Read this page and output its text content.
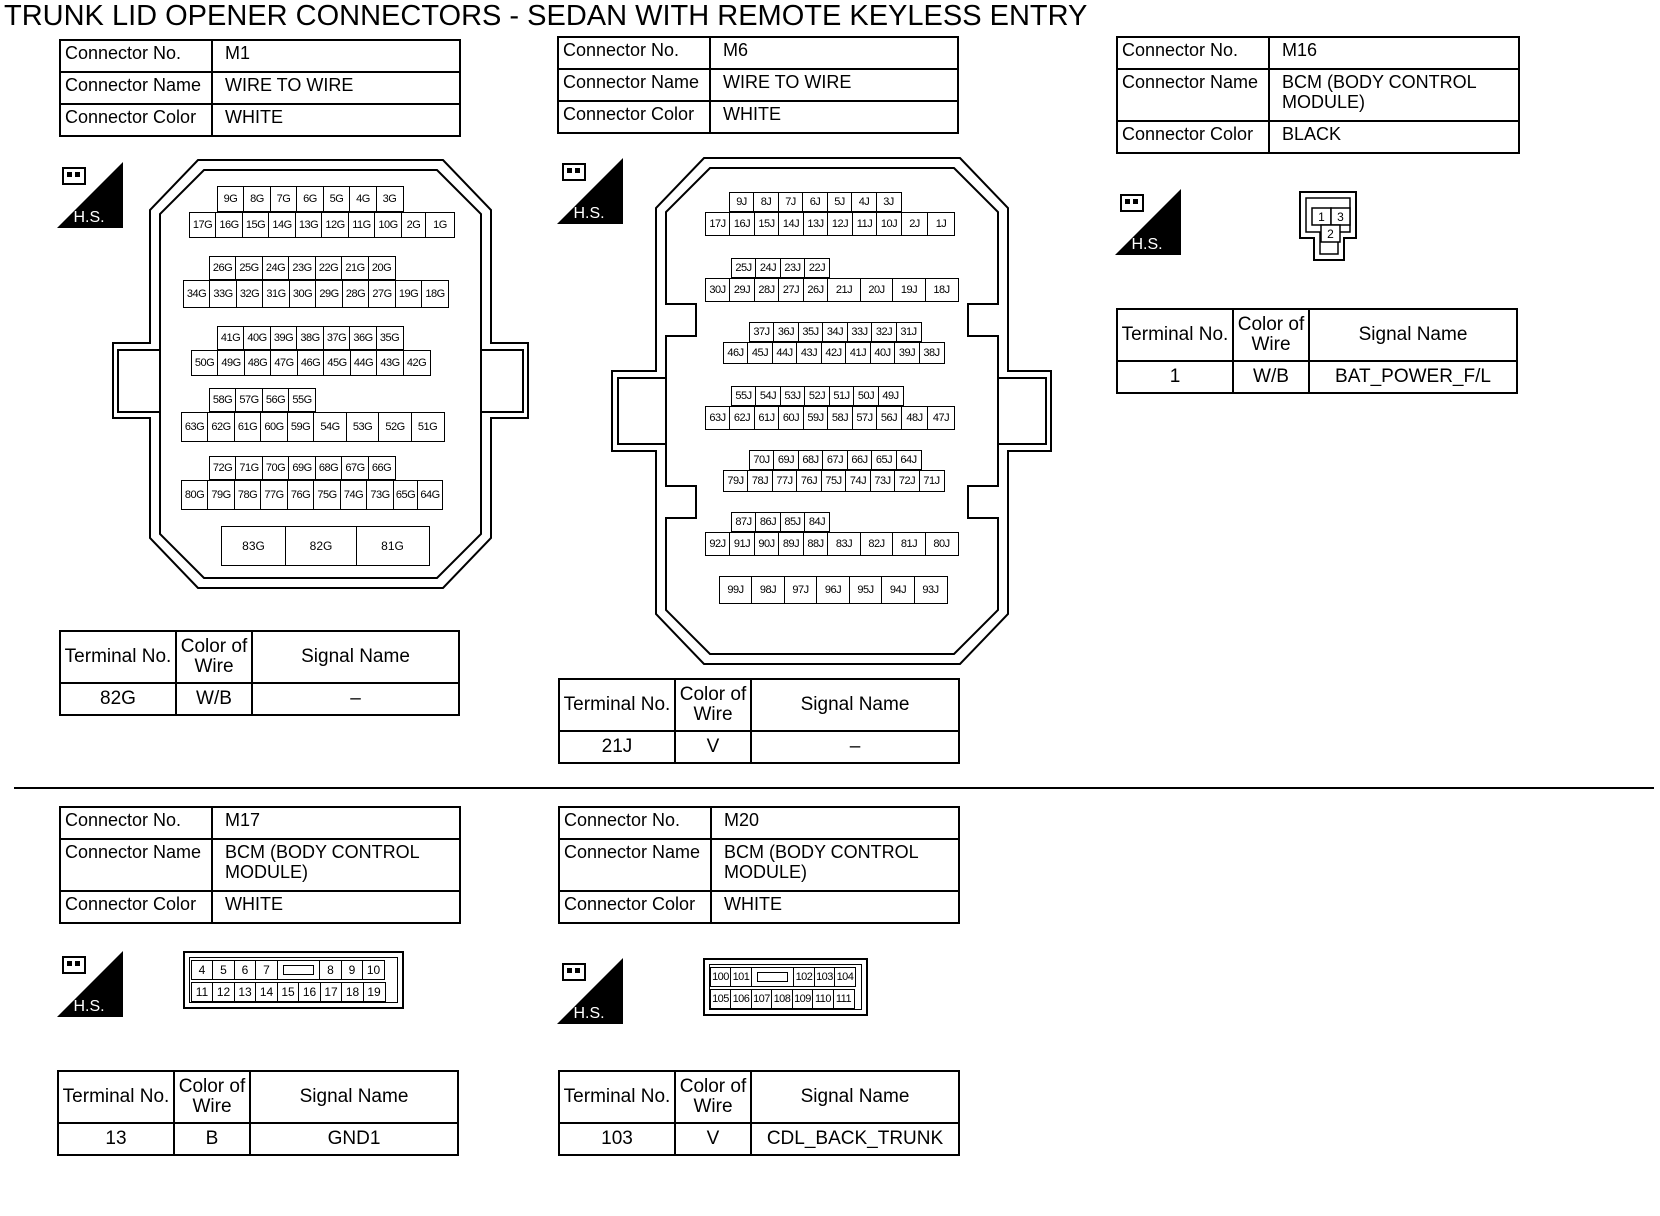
TRUNK LID OPENER CONNECTORS - SEDAN WITH REMOTE KEYLESS ENTRY
Connector No.	M1
Connector Name	WIRE TO WIRE
Connector Color	WHITE
H.S.
9G	8G	7G	6G	5G	4G	3G
17G 16G 15G 14G 13G 12G 11G 10G 2G	1G
26G 25G 24G 23G 22G 21G 20G
34G 33G 32G 31G 30G 29G 28G 27G 19G 18G
41G 40G 39G 38G 37G 36G 35G
50G 49G 48G 47G 46G 45G 44G 43G 42G
58G 57G 56G 55G
63G 62G 61G 60G 59G 54G	53G	52G	51G
72G 71G 70G 69G 68G 67G 66G
80G 79G 78G 77G 76G 75G 74G 73G 65G 64G
83G	82G	81G
Terminal No.	Color of Wire	Signal Name
82G	W/B	–
Connector No.	M6
Connector Name	WIRE TO WIRE
Connector Color	WHITE
H.S.
9J	8J	7J	6J	5J	4J	3J
17J 16J 15J 14J 13J 12J 11J 10J	2J	1J
25J 24J 23J 22J
30J 29J 28J 27J 26J	21J	20J	19J	18J
37J 36J 35J 34J 33J 32J 31J
46J 45J 44J 43J 42J 41J 40J 39J 38J
55J 54J 53J 52J 51J 50J 49J
63J 62J 61J 60J 59J 58J 57J 56J 48J 47J
70J 69J 68J 67J 66J 65J 64J
79J 78J 77J 76J 75J 74J 73J 72J 71J
87J 86J 85J 84J
92J 91J 90J 89J 88J	83J	82J	81J	80J
99J	98J	97J	96J	95J	94J	93J
Terminal No.	Color of Wire	Signal Name
21J	V	–
Connector No.	M16
Connector Name	BCM (BODY CONTROL MODULE)
Connector Color	BLACK
H.S.
1 3
2
Terminal No.	Color of Wire	Signal Name
1	W/B	BAT_POWER_F/L
Connector No.	M17
Connector Name	BCM (BODY CONTROL MODULE)
Connector Color	WHITE
H.S.
4	5	6	7	8	9 10
11 12 13 14 15 16 17 18 19
Terminal No.	Color of Wire	Signal Name
13	B	GND1
Connector No.	M20
Connector Name	BCM (BODY CONTROL MODULE)
Connector Color	WHITE
H.S.
100 101	102 103 104
105 106 107 108 109 110 111
Terminal No.	Color of Wire	Signal Name
103	V	CDL_BACK_TRUNK
